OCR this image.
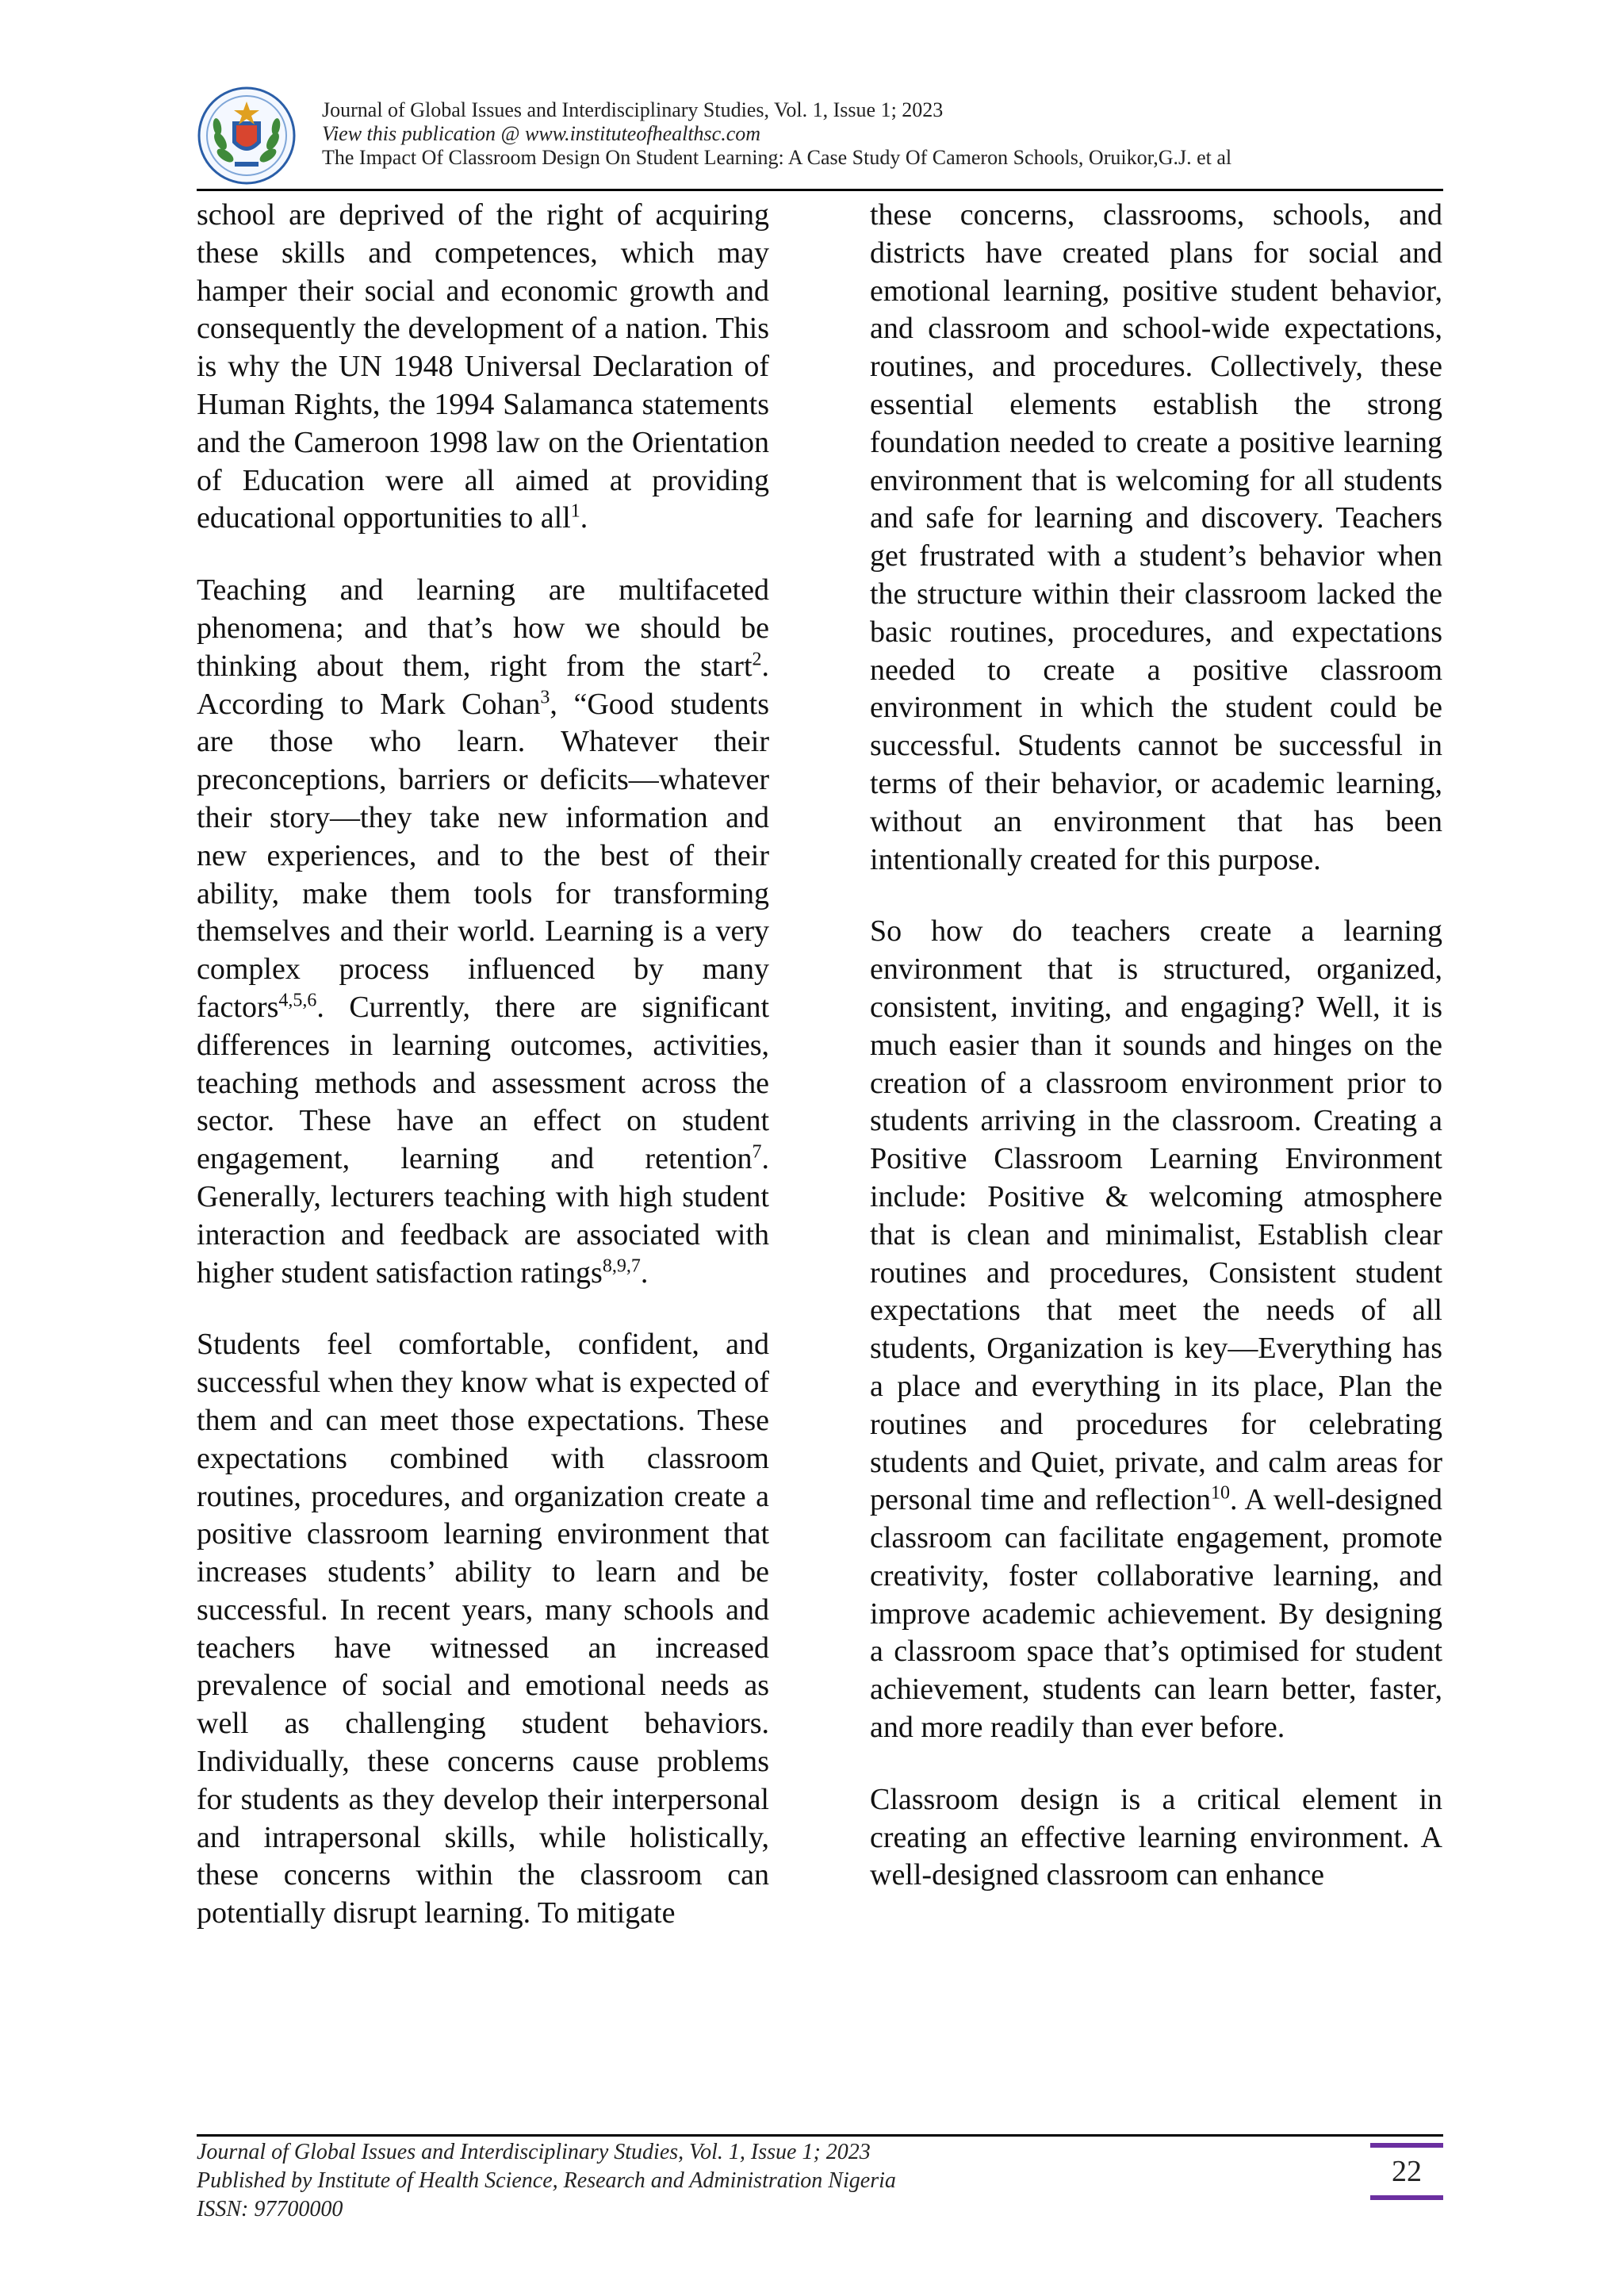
Journal of Global Issues and Interdisciplinary Studies, Vol. 1, Issue 1; 2023
View this publication @ www.instituteofhealthsc.com
The Impact Of Classroom Design On Student Learning: A Case Study Of Cameron Schools, Oruikor,G.J. et al

school are deprived of the right of acquiring these skills and competences, which may hamper their social and economic growth and consequently the development of a nation. This is why the UN 1948 Universal Declaration of Human Rights, the 1994 Salamanca statements and the Cameroon 1998 law on the Orientation of Education were all aimed at providing educational opportunities to all$^1$.

Teaching and learning are multifaceted phenomena; and that’s how we should be thinking about them, right from the start$^2$. According to Mark Cohan$^3$, “Good students are those who learn. Whatever their preconceptions, barriers or deficits—whatever their story—they take new information and new experiences, and to the best of their ability, make them tools for transforming themselves and their world. Learning is a very complex process influenced by many factors$^{4,5,6}$. Currently, there are significant differences in learning outcomes, activities, teaching methods and assessment across the sector. These have an effect on student engagement, learning and retention$^7$. Generally, lecturers teaching with high student interaction and feedback are associated with higher student satisfaction ratings$^{8,9,7}$.

Students feel comfortable, confident, and successful when they know what is expected of them and can meet those expectations. These expectations combined with classroom routines, procedures, and organization create a positive classroom learning environment that increases students’ ability to learn and be successful. In recent years, many schools and teachers have witnessed an increased prevalence of social and emotional needs as well as challenging student behaviors. Individually, these concerns cause problems for students as they develop their interpersonal and intrapersonal skills, while holistically, these concerns within the classroom can potentially disrupt learning. To mitigate

these concerns, classrooms, schools, and districts have created plans for social and emotional learning, positive student behavior, and classroom and school-wide expectations, routines, and procedures. Collectively, these essential elements establish the strong foundation needed to create a positive learning environment that is welcoming for all students and safe for learning and discovery. Teachers get frustrated with a student’s behavior when the structure within their classroom lacked the basic routines, procedures, and expectations needed to create a positive classroom environment in which the student could be successful. Students cannot be successful in terms of their behavior, or academic learning, without an environment that has been intentionally created for this purpose.

So how do teachers create a learning environment that is structured, organized, consistent, inviting, and engaging? Well, it is much easier than it sounds and hinges on the creation of a classroom environment prior to students arriving in the classroom. Creating a Positive Classroom Learning Environment include: Positive & welcoming atmosphere that is clean and minimalist, Establish clear routines and procedures, Consistent student expectations that meet the needs of all students, Organization is key—Everything has a place and everything in its place, Plan the routines and procedures for celebrating students and Quiet, private, and calm areas for personal time and reflection$^{10}$. A well-designed classroom can facilitate engagement, promote creativity, foster collaborative learning, and improve academic achievement. By designing a classroom space that’s optimised for student achievement, students can learn better, faster, and more readily than ever before.

Classroom design is a critical element in creating an effective learning environment. A well-designed classroom can enhance

Journal of Global Issues and Interdisciplinary Studies, Vol. 1, Issue 1; 2023
Published by Institute of Health Science, Research and Administration Nigeria
ISSN: 97700000
22
